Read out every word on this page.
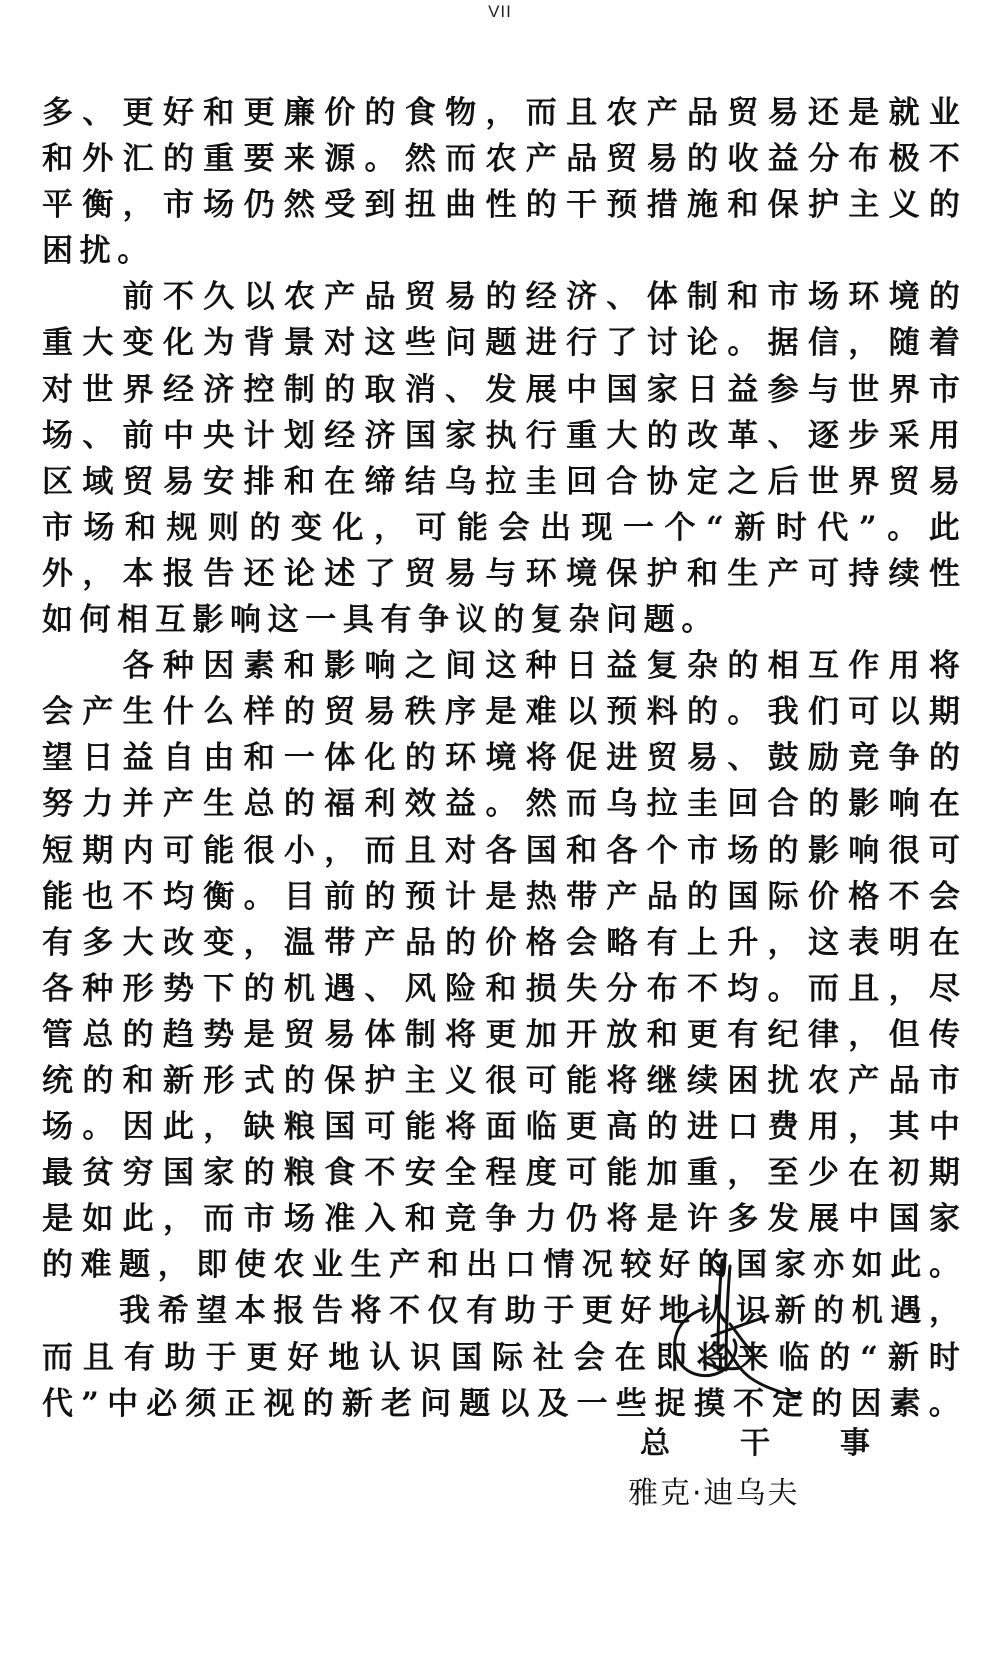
VII
多 、 更 好 和 更 廉 价 的 食 物 ， 而 且 农 产 品 贸 易 还 是 就 业
和 外 汇 的 重 要 来 源 。 然 而 农 产 品 贸 易 的 收 益 分 布 极 不
平 衡 ， 市 场 仍 然 受 到 扭 曲 性 的 干 预 措 施 和 保 护 主 义 的
困 扰 。

前 不 久 以 农 产 品 贸 易 的 经 济 、 体 制 和 市 场 环 境 的
重 大 变 化 为 背 景 对 这 些 问 题 进 行 了 讨 论 。 据 信 ， 随 着
对 世 界 经 济 控 制 的 取 消 、 发 展 中 国 家 日 益 参 与 世 界 市
场 、 前 中 央 计 划 经 济 国 家 执 行 重 大 的 改 革 、 逐 步 采 用
区 域 贸 易 安 排 和 在 缔 结 乌 拉 圭 回 合 协 定 之 后 世 界 贸 易
市 场 和 规 则 的 变 化 ， 可 能 会 出 现 一 个 “ 新 时 代 ” 。 此
外 ， 本 报 告 还 论 述 了 贸 易 与 环 境 保 护 和 生 产 可 持 续 性
如 何 相 互 影 响 这 一 具 有 争 议 的 复 杂 问 题 。

各 种 因 素 和 影 响 之 间 这 种 日 益 复 杂 的 相 互 作 用 将
会 产 生 什 么 样 的 贸 易 秩 序 是 难 以 预 料 的 。 我 们 可 以 期
望 日 益 自 由 和 一 体 化 的 环 境 将 促 进 贸 易 、 鼓 励 竞 争 的
努 力 并 产 生 总 的 福 利 效 益 。 然 而 乌 拉 圭 回 合 的 影 响 在
短 期 内 可 能 很 小 ， 而 且 对 各 国 和 各 个 市 场 的 影 响 很 可
能 也 不 均 衡 。 目 前 的 预 计 是 热 带 产 品 的 国 际 价 格 不 会
有 多 大 改 变 ， 温 带 产 品 的 价 格 会 略 有 上 升 ， 这 表 明 在
各 种 形 势 下 的 机 遇 、 风 险 和 损 失 分 布 不 均 。 而 且 ， 尽
管 总 的 趋 势 是 贸 易 体 制 将 更 加 开 放 和 更 有 纪 律 ， 但 传
统 的 和 新 形 式 的 保 护 主 义 很 可 能 将 继 续 困 扰 农 产 品 市
场 。 因 此 ， 缺 粮 国 可 能 将 面 临 更 高 的 进 口 费 用 ， 其 中
最 贫 穷 国 家 的 粮 食 不 安 全 程 度 可 能 加 重 ， 至 少 在 初 期
是 如 此 ， 而 市 场 准 入 和 竞 争 力 仍 将 是 许 多 发 展 中 国 家
的 难 题 ， 即 使 农 业 生 产 和 出 口 情 况 较 好 的 国 家 亦 如 此 。

我 希 望 本 报 告 将 不 仅 有 助 于 更 好 地 认 识 新 的 机 遇 ，
而 且 有 助 于 更 好 地 认 识 国 际 社 会 在 即 将 来 临 的 “ 新 时
代 ” 中 必 须 正 视 的 新 老 问 题 以 及 一 些 捉 摸 不 定 的 因 素 。
总 干 事
雅克·迪乌夫
